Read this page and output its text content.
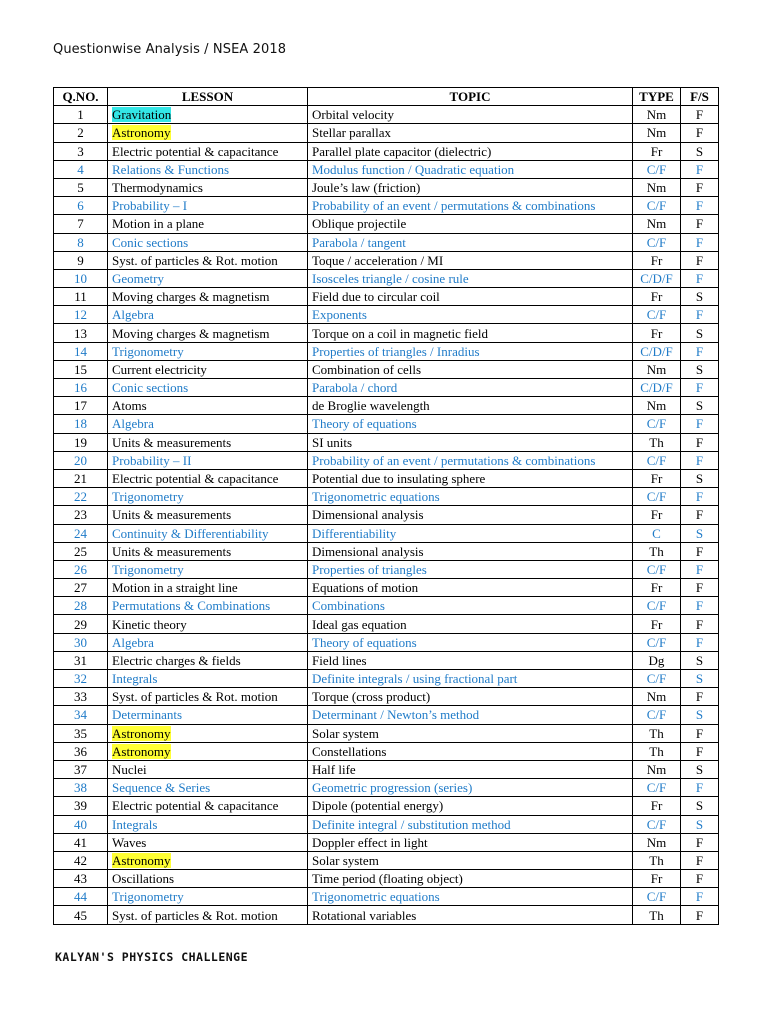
Questionwise Analysis / NSEA 2018
Q.NO.	LESSON	TOPIC	TYPE	F/S
1	Gravitation	Orbital velocity	Nm	F
2	Astronomy	Stellar parallax	Nm	F
3	Electric potential & capacitance	Parallel plate capacitor (dielectric)	Fr	S
4	Relations & Functions	Modulus function / Quadratic equation	C/F	F
5	Thermodynamics	Joule’s law (friction)	Nm	F
6	Probability – I	Probability of an event / permutations & combinations	C/F	F
7	Motion in a plane	Oblique projectile	Nm	F
8	Conic sections	Parabola / tangent	C/F	F
9	Syst. of particles & Rot. motion	Toque / acceleration / MI	Fr	F
10	Geometry	Isosceles triangle / cosine rule	C/D/F	F
11	Moving charges & magnetism	Field due to circular coil	Fr	S
12	Algebra	Exponents	C/F	F
13	Moving charges & magnetism	Torque on a coil in magnetic field	Fr	S
14	Trigonometry	Properties of triangles / Inradius	C/D/F	F
15	Current electricity	Combination of cells	Nm	S
16	Conic sections	Parabola / chord	C/D/F	F
17	Atoms	de Broglie wavelength	Nm	S
18	Algebra	Theory of equations	C/F	F
19	Units & measurements	SI units	Th	F
20	Probability – II	Probability of an event / permutations & combinations	C/F	F
21	Electric potential & capacitance	Potential due to insulating sphere	Fr	S
22	Trigonometry	Trigonometric equations	C/F	F
23	Units & measurements	Dimensional analysis	Fr	F
24	Continuity & Differentiability	Differentiability	C	S
25	Units & measurements	Dimensional analysis	Th	F
26	Trigonometry	Properties of triangles	C/F	F
27	Motion in a straight line	Equations of motion	Fr	F
28	Permutations & Combinations	Combinations	C/F	F
29	Kinetic theory	Ideal gas equation	Fr	F
30	Algebra	Theory of equations	C/F	F
31	Electric charges & fields	Field lines	Dg	S
32	Integrals	Definite integrals / using fractional part	C/F	S
33	Syst. of particles & Rot. motion	Torque (cross product)	Nm	F
34	Determinants	Determinant / Newton’s method	C/F	S
35	Astronomy	Solar system	Th	F
36	Astronomy	Constellations	Th	F
37	Nuclei	Half life	Nm	S
38	Sequence & Series	Geometric progression (series)	C/F	F
39	Electric potential & capacitance	Dipole (potential energy)	Fr	S
40	Integrals	Definite integral / substitution method	C/F	S
41	Waves	Doppler effect in light	Nm	F
42	Astronomy	Solar system	Th	F
43	Oscillations	Time period (floating object)	Fr	F
44	Trigonometry	Trigonometric equations	C/F	F
45	Syst. of particles & Rot. motion	Rotational variables	Th	F
KALYAN'S PHYSICS CHALLENGE
